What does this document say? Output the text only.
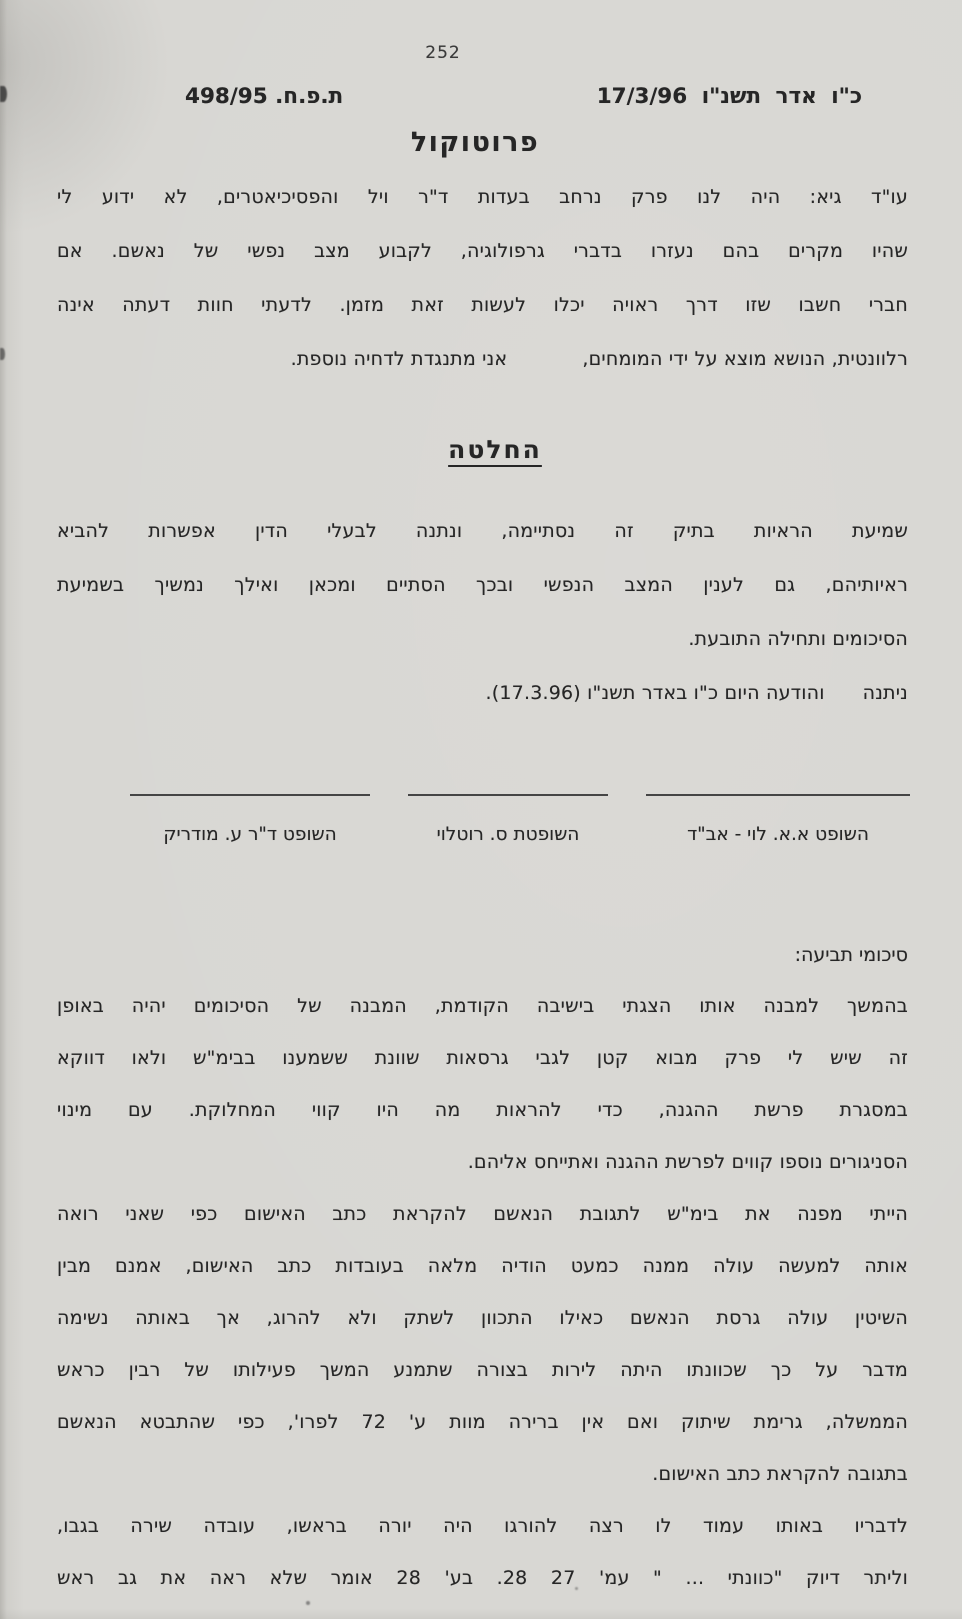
252
כ"ו אדר תשנ"ו 17/3/96
ת.פ.ח. 498/95
פרוטוקול
עו"ד גיא: היה לנו פרק נרחב בעדות ד"ר ויל והפסיכיאטרים, לא ידוע לי
שהיו מקרים בהם נעזרו בדברי גרפולוגיה, לקבוע מצב נפשי של נאשם. אם
חברי חשבו שזו דרך ראויה יכלו לעשות זאת מזמן. לדעתי חוות דעתה אינה
רלוונטית, הנושא מוצא על ידי המומחים,
אני מתנגדת לדחיה נוספת.
החלטה
שמיעת הראיות בתיק זה נסתיימה, ונתנה לבעלי הדין אפשרות להביא
ראיותיהם, גם לענין המצב הנפשי ובכך הסתיים ומכאן ואילך נמשיך בשמיעת
הסיכומים ותחילה התובעת.
ניתנה
והודעה היום כ"ו באדר תשנ"ו (17.3.96).
השופט א.א. לוי - אב"ד
השופטת ס. רוטלוי
השופט ד"ר ע. מודריק
סיכומי תביעה:
בהמשך למבנה אותו הצגתי בישיבה הקודמת, המבנה של הסיכומים יהיה באופן
זה שיש לי פרק מבוא קטן לגבי גרסאות שוונת ששמענו בבימ"ש ולאו דווקא
במסגרת פרשת ההגנה, כדי להראות מה היו קווי המחלוקת. עם מינוי
הסניגורים נוספו קווים לפרשת ההגנה ואתייחס אליהם.
הייתי מפנה את בימ"ש לתגובת הנאשם להקראת כתב האישום כפי שאני רואה
אותה למעשה עולה ממנה כמעט הודיה מלאה בעובדות כתב האישום, אמנם מבין
השיטין עולה גרסת הנאשם כאילו התכוון לשתק ולא להרוג, אך באותה נשימה
מדבר על כך שכוונתו היתה לירות בצורה שתמנע המשך פעילותו של רבין כראש
הממשלה, גרימת שיתוק ואם אין ברירה מוות ע' 72 לפרו', כפי שהתבטא הנאשם
בתגובה להקראת כתב האישום.
לדבריו באותו עמוד לו רצה להורגו היה יורה בראשו, עובדה שירה בגבו,
וליתר דיוק "כוונתי ... " עמ' 27 28. בע' 28 אומר שלא ראה את גב ראש
